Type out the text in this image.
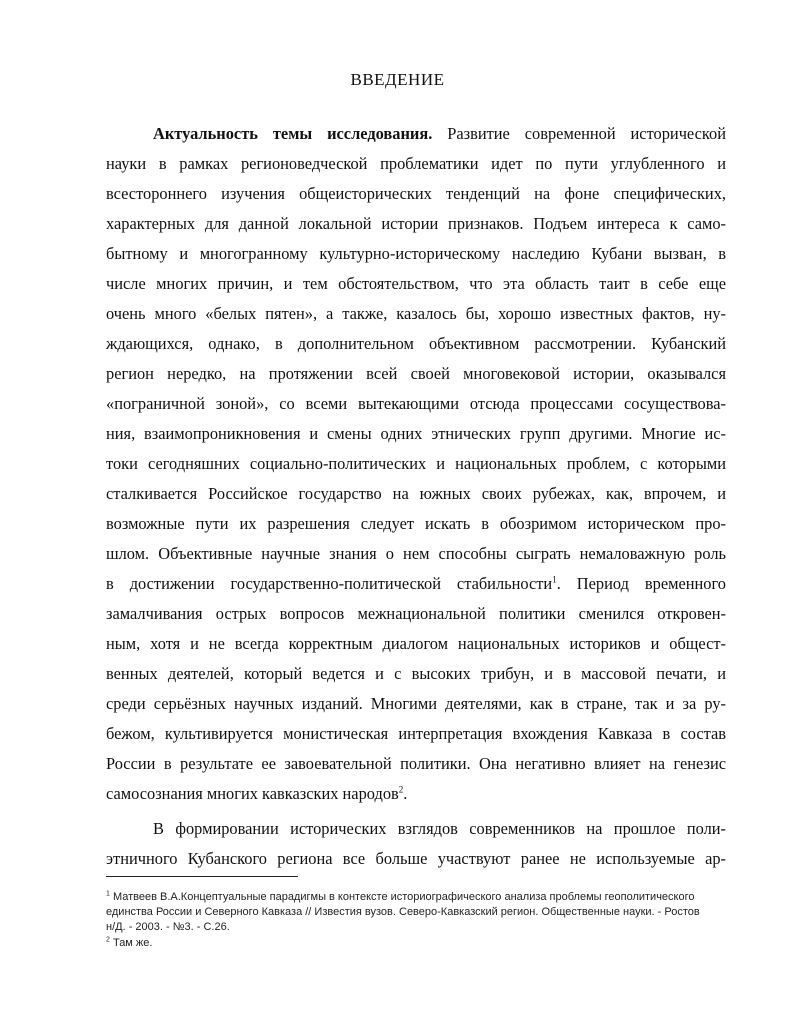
ВВЕДЕНИЕ
Актуальность темы исследования. Развитие современной исторической
науки в рамках регионоведческой проблематики идет по пути углубленного и
всестороннего изучения общеисторических тенденций на фоне специфических,
характерных для данной локальной истории признаков. Подъем интереса к само-
бытному и многогранному культурно-историческому наследию Кубани вызван, в
числе многих причин, и тем обстоятельством, что эта область таит в себе еще
очень много «белых пятен», а также, казалось бы, хорошо известных фактов, ну-
ждающихся, однако, в дополнительном объективном рассмотрении. Кубанский
регион нередко, на протяжении всей своей многовековой истории, оказывался
«пограничной зоной», со всеми вытекающими отсюда процессами сосуществова-
ния, взаимопроникновения и смены одних этнических групп другими. Многие ис-
токи сегодняшних социально-политических и национальных проблем, с которыми
сталкивается Российское государство на южных своих рубежах, как, впрочем, и
возможные пути их разрешения следует искать в обозримом историческом про-
шлом. Объективные научные знания о нем способны сыграть немаловажную роль
в достижении государственно-политической стабильности$^1$. Период временного
замалчивания острых вопросов межнациональной политики сменился откровен-
ным, хотя и не всегда корректным диалогом национальных историков и общест-
венных деятелей, который ведется и с высоких трибун, и в массовой печати, и
среди серьёзных научных изданий. Многими деятелями, как в стране, так и за ру-
бежом, культивируется монистическая интерпретация вхождения Кавказа в состав
России в результате ее завоевательной политики. Она негативно влияет на генезис
самосознания многих кавказских народов$^2$.
В формировании исторических взглядов современников на прошлое поли-
этничного Кубанского региона все больше участвуют ранее не используемые ар-
$^1$ Матвеев В.А.Концептуальные парадигмы в контексте историографического анализа проблемы геополитического
единства России и Северного Кавказа // Известия вузов. Северо-Кавказский регион. Общественные науки. - Ростов
н/Д. - 2003. - №3. - С.26.
$^2$ Там же.
